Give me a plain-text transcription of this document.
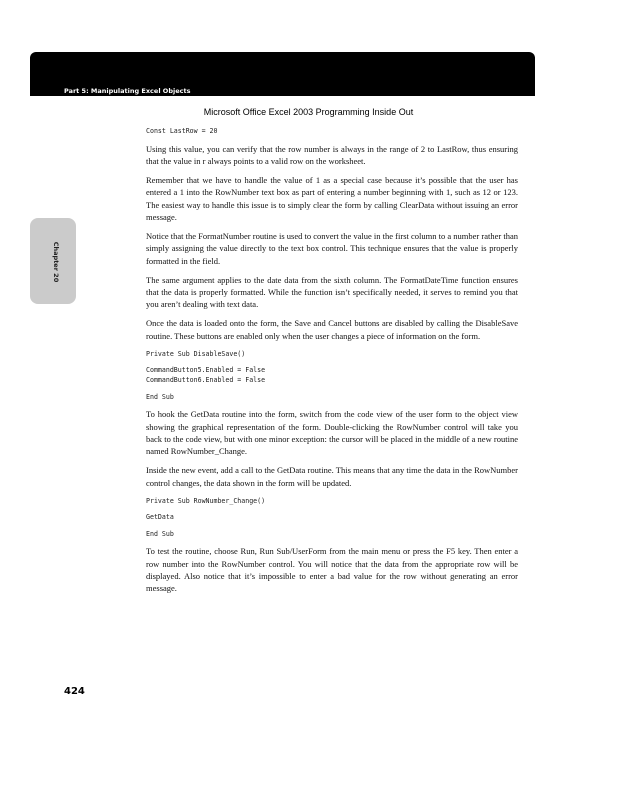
Part 5: Manipulating Excel Objects
Microsoft Office Excel 2003 Programming Inside Out
Chapter 20
Const LastRow = 20

Using this value, you can verify that the row number is always in the range of 2 to LastRow, thus ensuring that the value in r always points to a valid row on the worksheet.

Remember that we have to handle the value of 1 as a special case because it’s possible that the user has entered a 1 into the RowNumber text box as part of entering a number beginning with 1, such as 12 or 123. The easiest way to handle this issue is to simply clear the form by calling ClearData without issuing an error message.

Notice that the FormatNumber routine is used to convert the value in the first column to a number rather than simply assigning the value directly to the text box control. This technique ensures that the value is properly formatted in the field.

The same argument applies to the date data from the sixth column. The FormatDateTime function ensures that the data is properly formatted. While the function isn’t specifically needed, it serves to remind you that you aren’t dealing with text data.

Once the data is loaded onto the form, the Save and Cancel buttons are disabled by calling the DisableSave routine. These buttons are enabled only when the user changes a piece of information on the form.

Private Sub DisableSave()
CommandButton5.Enabled = False
CommandButton6.Enabled = False
End Sub

To hook the GetData routine into the form, switch from the code view of the user form to the object view showing the graphical representation of the form. Double-clicking the RowNumber control will take you back to the code view, but with one minor exception: the cursor will be placed in the middle of a new routine named RowNumber_Change.

Inside the new event, add a call to the GetData routine. This means that any time the data in the RowNumber control changes, the data shown in the form will be updated.

Private Sub RowNumber_Change()
GetData
End Sub

To test the routine, choose Run, Run Sub/UserForm from the main menu or press the F5 key. Then enter a row number into the RowNumber control. You will notice that the data from the appropriate row will be displayed. Also notice that it’s impossible to enter a bad value for the row without generating an error message.

424
